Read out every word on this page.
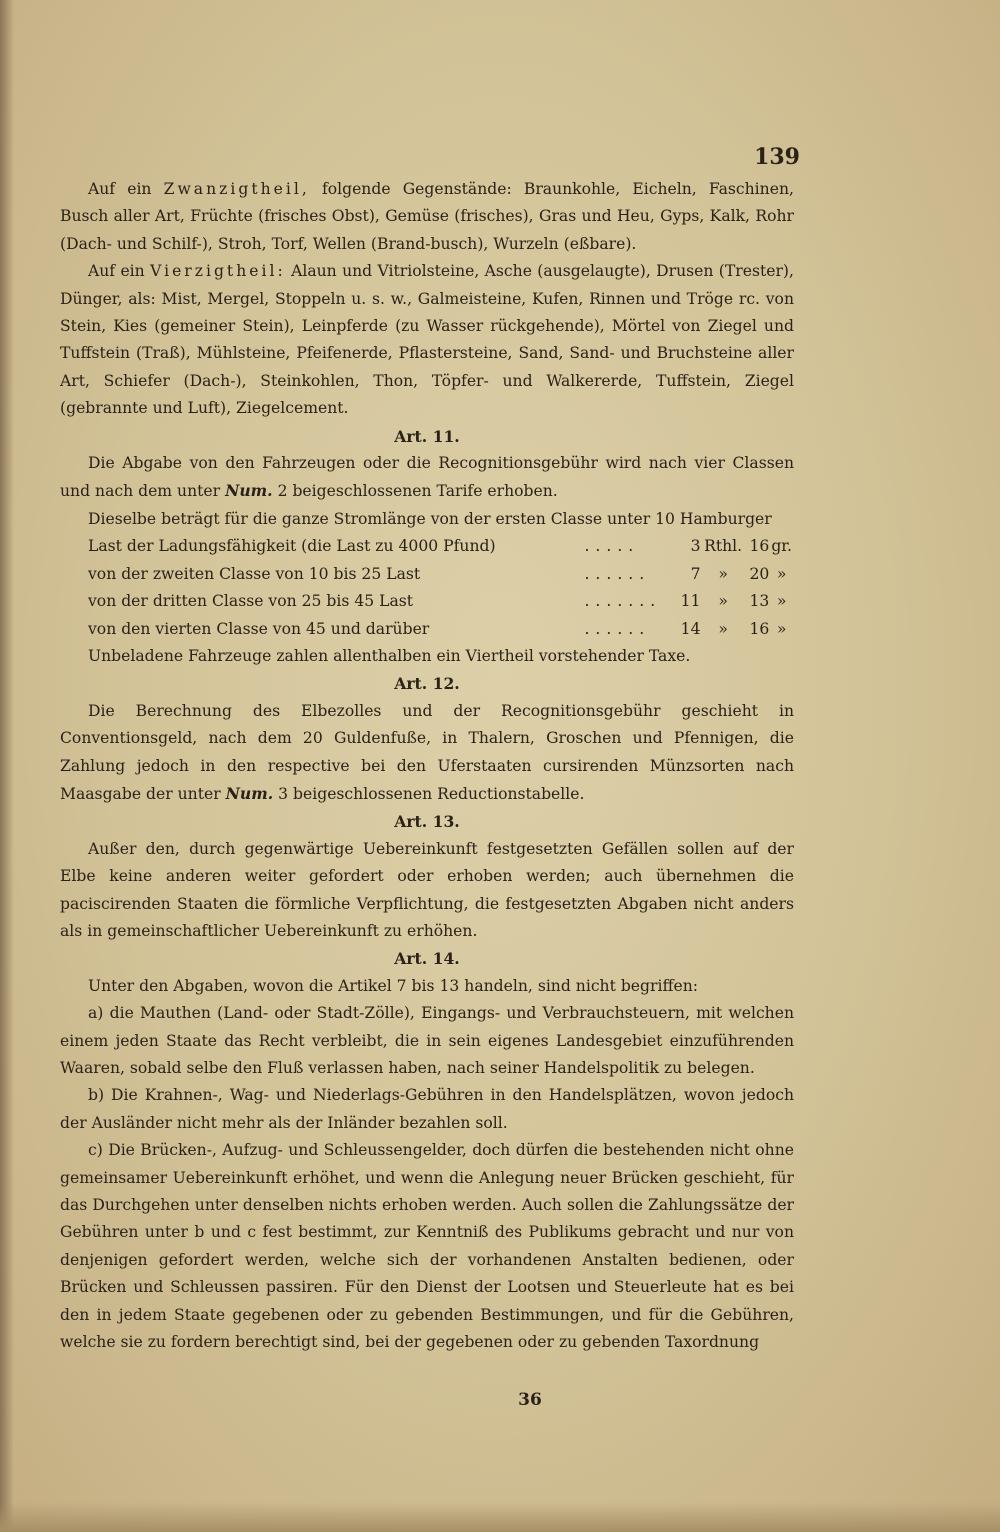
139

Auf ein Zwanzigtheil, folgende Gegenstände: Braunkohle, Eicheln, Faschinen, Busch aller Art, Früchte (frisches Obst), Gemüse (frisches), Gras und Heu, Gyps, Kalk, Rohr (Dach- und Schilf-), Stroh, Torf, Wellen (Brand-busch), Wurzeln (eßbare).

Auf ein Vierzigtheil: Alaun und Vitriolsteine, Asche (ausgelaugte), Drusen (Trester), Dünger, als: Mist, Mergel, Stoppeln u. s. w., Galmeisteine, Kufen, Rinnen und Tröge rc. von Stein, Kies (gemeiner Stein), Leinpferde (zu Wasser rückgehende), Mörtel von Ziegel und Tuffstein (Traß), Mühlsteine, Pfeifenerde, Pflastersteine, Sand, Sand- und Bruchsteine aller Art, Schiefer (Dach-), Steinkohlen, Thon, Töpfer- und Walkererde, Tuffstein, Ziegel (gebrannte und Luft), Ziegelcement.

Art. 11.

Die Abgabe von den Fahrzeugen oder die Recognitionsgebühr wird nach vier Classen und nach dem unter Num. 2 beigeschlossenen Tarife erhoben.

Dieselbe beträgt für die ganze Stromlänge von der ersten Classe unter 10 Hamburger

Last der Ladungsfähigkeit (die Last zu 4000 Pfund)	.....	3	Rthl.	16	gr.
von der zweiten Classe von 10 bis 25 Last	......	7	»	20	»
von der dritten Classe von 25 bis 45 Last	.......	11	»	13	»
von den vierten Classe von 45 und darüber	......	14	»	16	»

Unbeladene Fahrzeuge zahlen allenthalben ein Viertheil vorstehender Taxe.

Art. 12.

Die Berechnung des Elbezolles und der Recognitionsgebühr geschieht in Conventionsgeld, nach dem 20 Guldenfuße, in Thalern, Groschen und Pfennigen, die Zahlung jedoch in den respective bei den Uferstaaten cursirenden Münzsorten nach Maasgabe der unter Num. 3 beigeschlossenen Reductionstabelle.

Art. 13.

Außer den, durch gegenwärtige Uebereinkunft festgesetzten Gefällen sollen auf der Elbe keine anderen weiter gefordert oder erhoben werden; auch übernehmen die paciscirenden Staaten die förmliche Verpflichtung, die festgesetzten Abgaben nicht anders als in gemeinschaftlicher Uebereinkunft zu erhöhen.

Art. 14.

Unter den Abgaben, wovon die Artikel 7 bis 13 handeln, sind nicht begriffen:

a) die Mauthen (Land- oder Stadt-Zölle), Eingangs- und Verbrauchsteuern, mit welchen einem jeden Staate das Recht verbleibt, die in sein eigenes Landesgebiet einzuführenden Waaren, sobald selbe den Fluß verlassen haben, nach seiner Handelspolitik zu belegen.

b) Die Krahnen-, Wag- und Niederlags-Gebühren in den Handelsplätzen, wovon jedoch der Ausländer nicht mehr als der Inländer bezahlen soll.

c) Die Brücken-, Aufzug- und Schleussengelder, doch dürfen die bestehenden nicht ohne gemeinsamer Uebereinkunft erhöhet, und wenn die Anlegung neuer Brücken geschieht, für das Durchgehen unter denselben nichts erhoben werden. Auch sollen die Zahlungssätze der Gebühren unter b und c fest bestimmt, zur Kenntniß des Publikums gebracht und nur von denjenigen gefordert werden, welche sich der vorhandenen Anstalten bedienen, oder Brücken und Schleussen passiren. Für den Dienst der Lootsen und Steuerleute hat es bei den in jedem Staate gegebenen oder zu gebenden Bestimmungen, und für die Gebühren, welche sie zu fordern berechtigt sind, bei der gegebenen oder zu gebenden Taxordnung

36
